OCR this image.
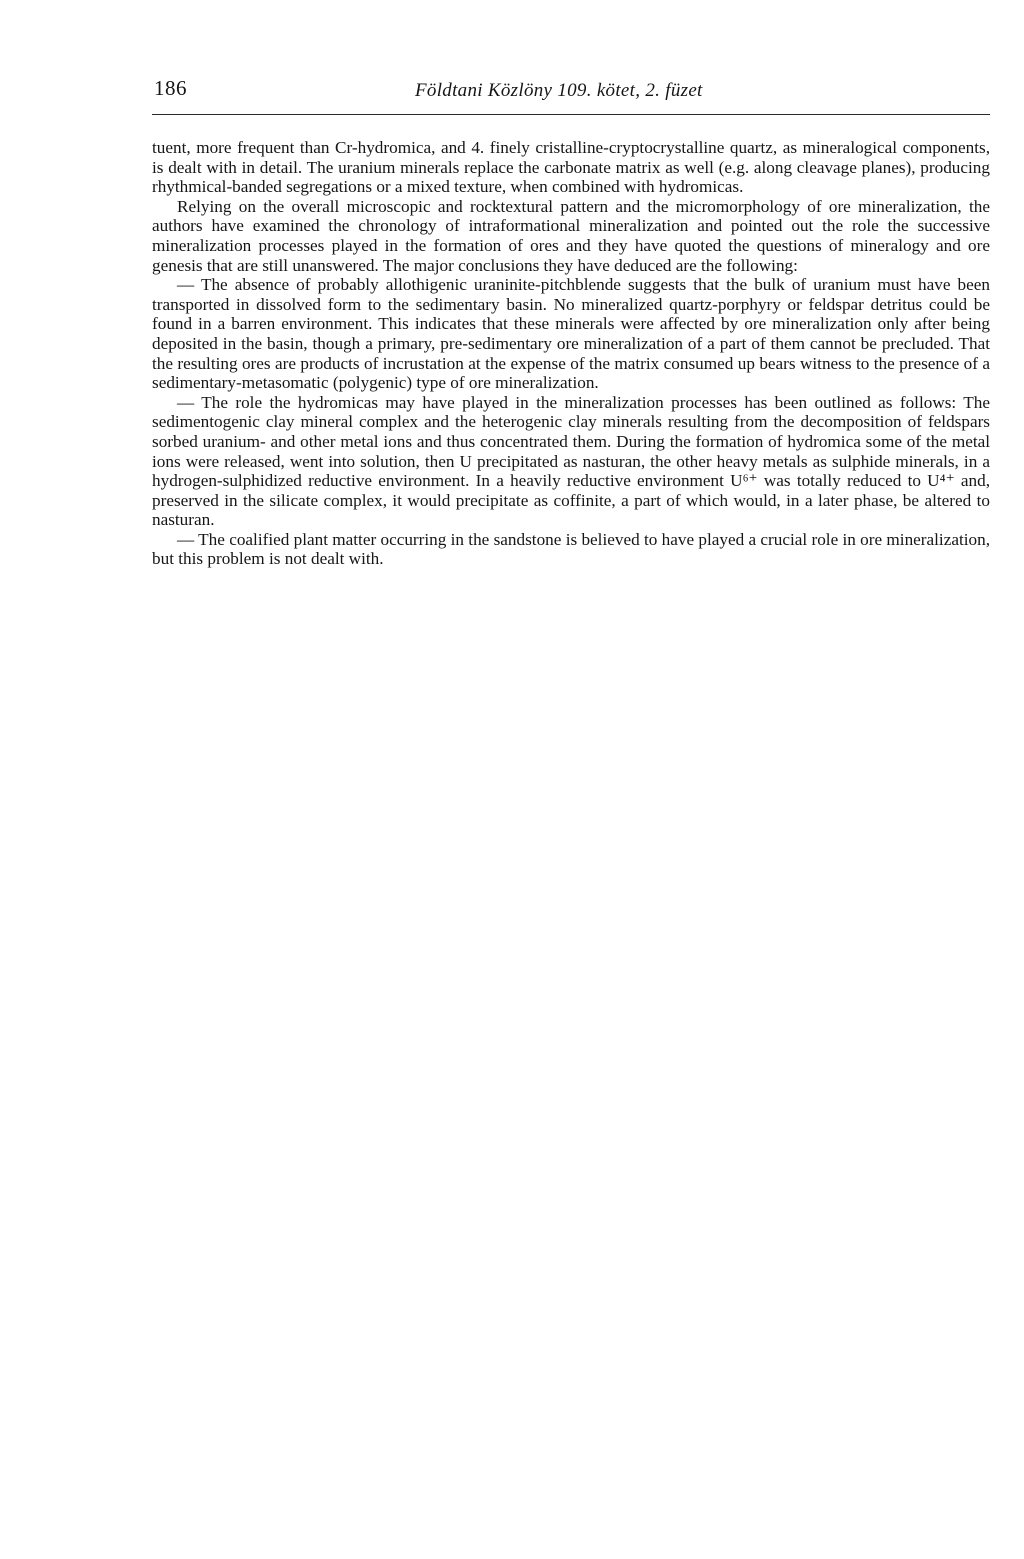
186	Földtani Közlöny 109. kötet, 2. füzet

tuent, more frequent than Cr-hydromica, and 4. finely cristalline-cryptocrystalline quartz, as mineralogical components, is dealt with in detail. The uranium minerals replace the carbonate matrix as well (e.g. along cleavage planes), producing rhythmical-banded segregations or a mixed texture, when combined with hydromicas.

Relying on the overall microscopic and rocktextural pattern and the micromorphology of ore mineralization, the authors have examined the chronology of intraformational mineralization and pointed out the role the successive mineralization processes played in the formation of ores and they have quoted the questions of mineralogy and ore genesis that are still unanswered. The major conclusions they have deduced are the following:

— The absence of probably allothigenic uraninite-pitchblende suggests that the bulk of uranium must have been transported in dissolved form to the sedimentary basin. No mineralized quartz-porphyry or feldspar detritus could be found in a barren environment. This indicates that these minerals were affected by ore mineralization only after being deposited in the basin, though a primary, pre-sedimentary ore mineralization of a part of them cannot be precluded. That the resulting ores are products of incrustation at the expense of the matrix consumed up bears witness to the presence of a sedimentary-metasomatic (polygenic) type of ore mineralization.

— The role the hydromicas may have played in the mineralization processes has been outlined as follows: The sedimentogenic clay mineral complex and the heterogenic clay minerals resulting from the decomposition of feldspars sorbed uranium- and other metal ions and thus concentrated them. During the formation of hydromica some of the metal ions were released, went into solution, then U precipitated as nasturan, the other heavy metals as sulphide minerals, in a hydrogen-sulphidized reductive environment. In a heavily reductive environment U⁶⁺ was totally reduced to U⁴⁺ and, preserved in the silicate complex, it would precipitate as coffinite, a part of which would, in a later phase, be altered to nasturan.

— The coalified plant matter occurring in the sandstone is believed to have played a crucial role in ore mineralization, but this problem is not dealt with.
